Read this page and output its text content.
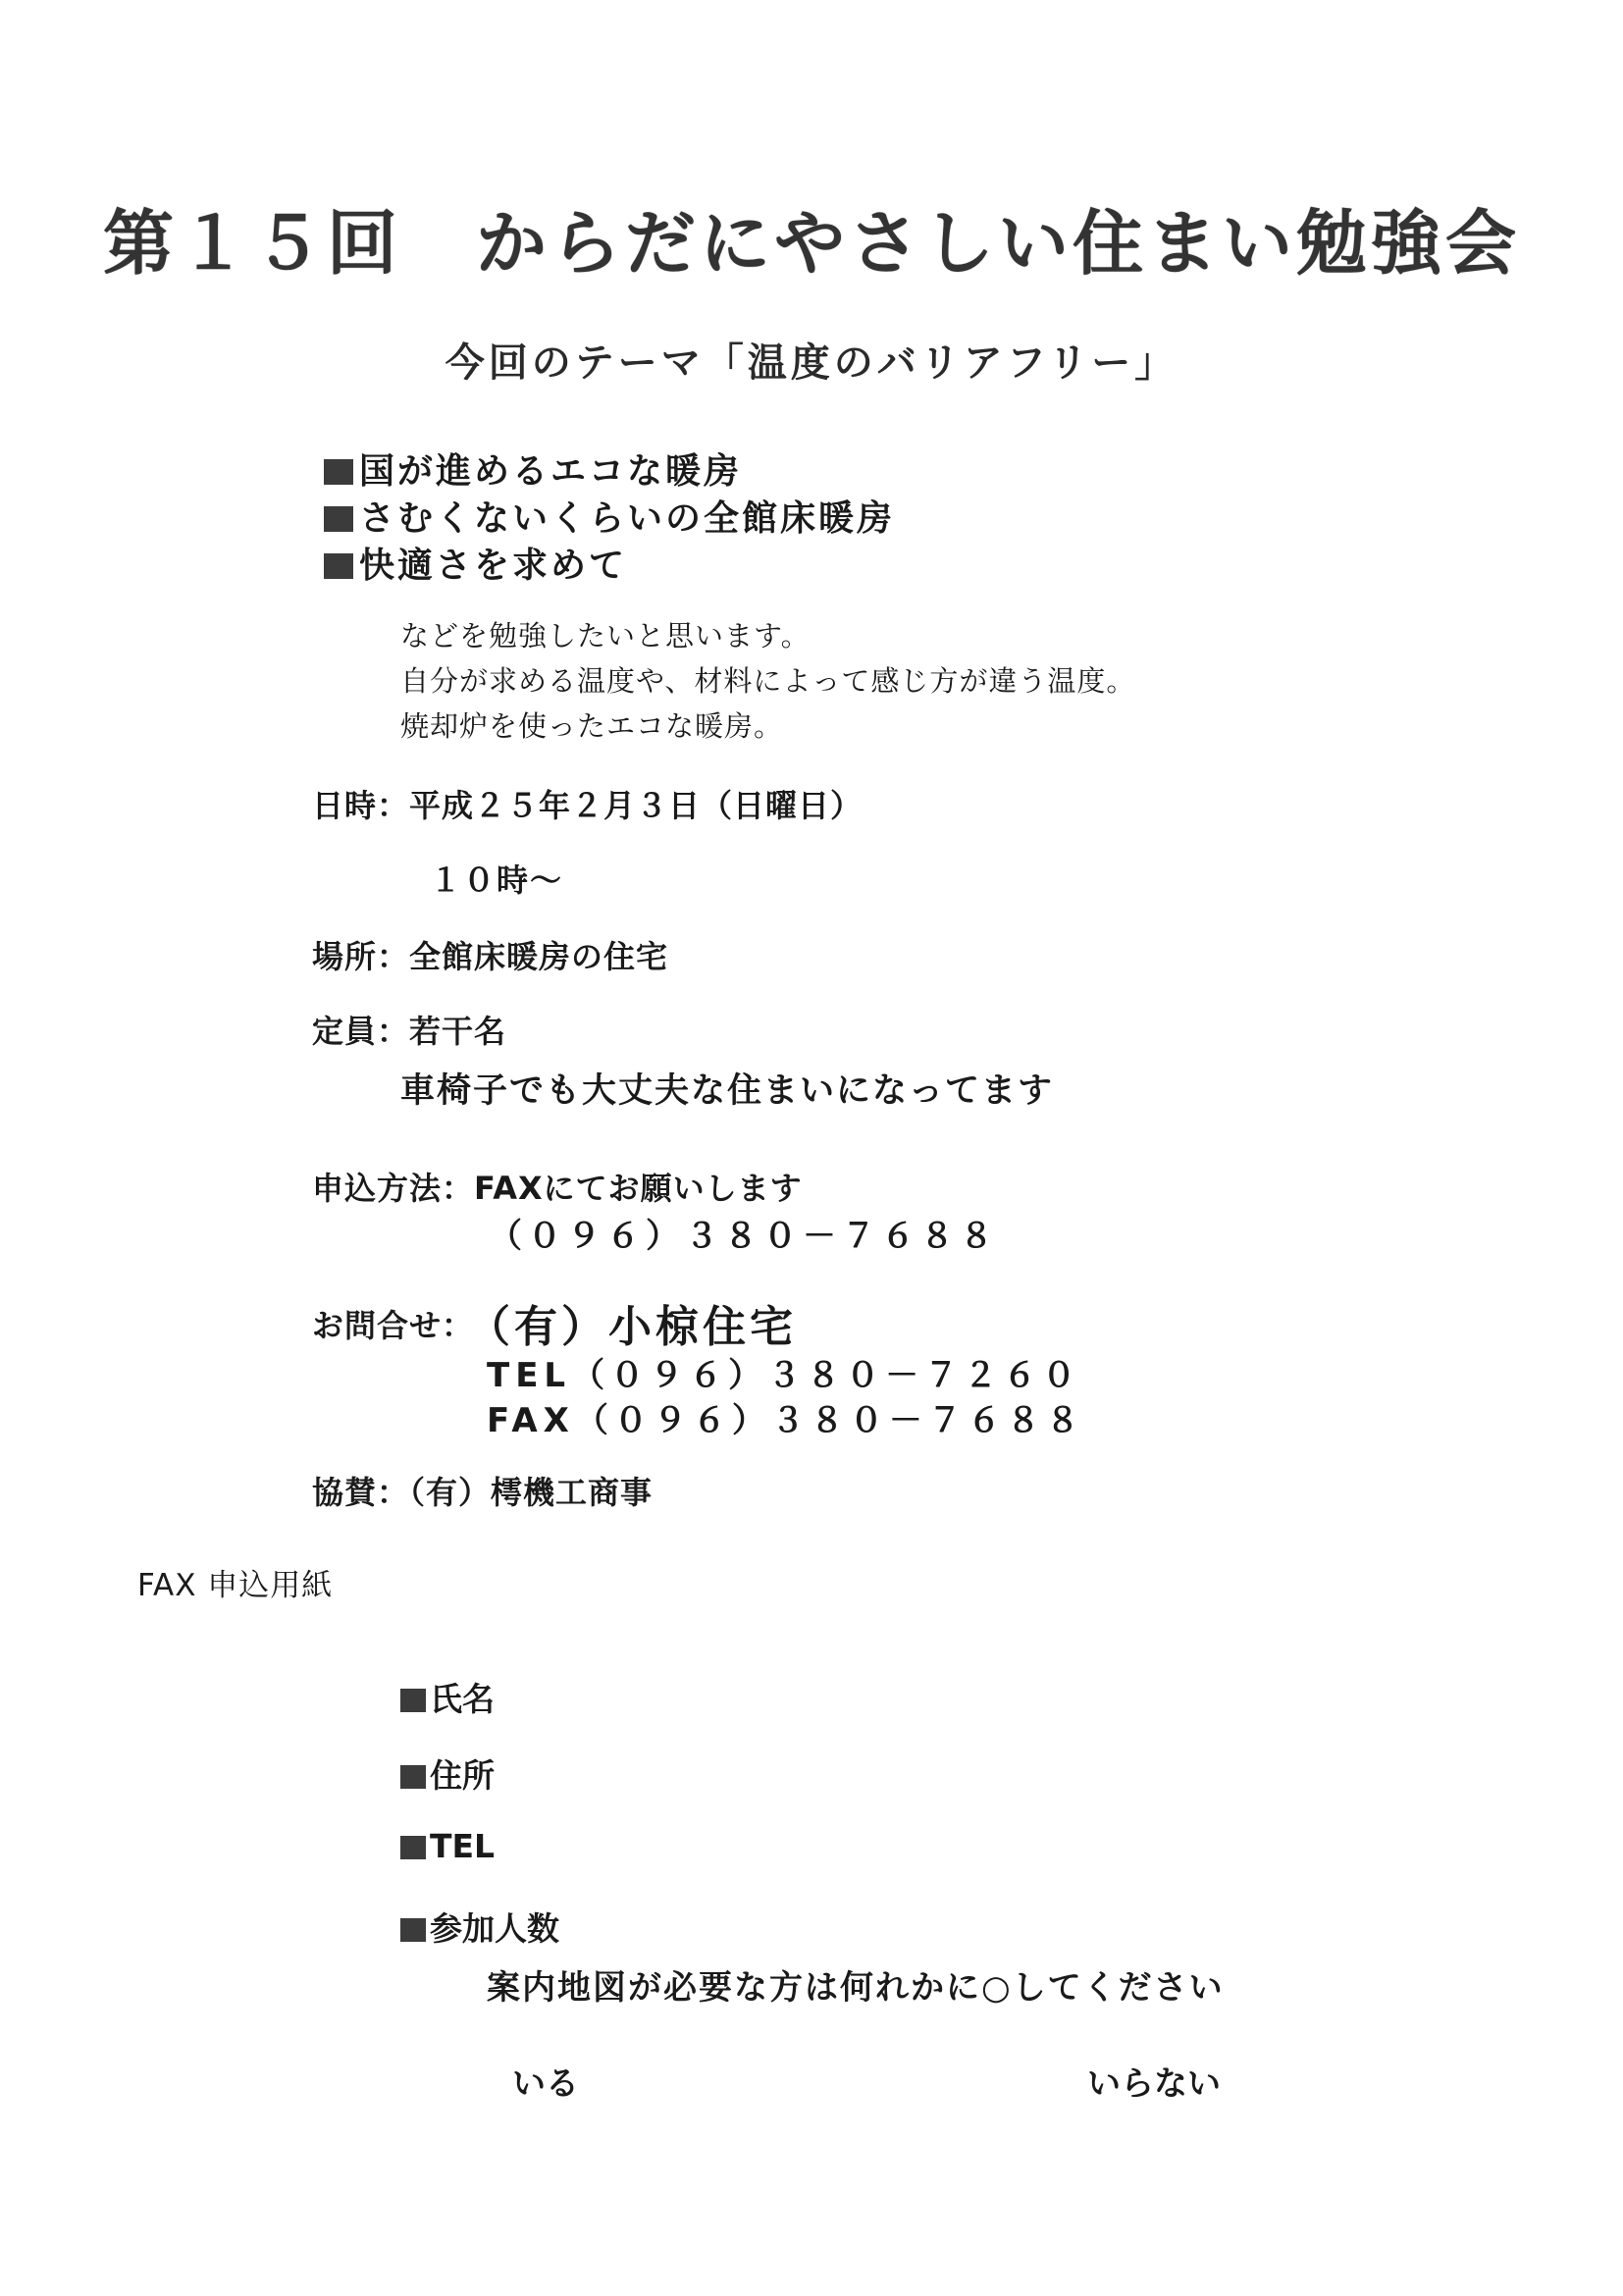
第１５回　からだにやさしい住まい勉強会
今回のテーマ「温度のバリアフリー」
国が進めるエコな暖房
さむくないくらいの全館床暖房
快適さを求めて
などを勉強したいと思います。
自分が求める温度や、材料によって感じ方が違う温度。
焼却炉を使ったエコな暖房。
日時：平成２５年２月３日（日曜日）
１０時～
場所：全館床暖房の住宅
定員：若干名
車椅子でも大丈夫な住まいになってます
申込方法：FAXにてお願いします
（０９６）３８０－７６８８
お問合せ：
（有）小椋住宅
TEL（０９６）３８０－７２６０
FAX（０９６）３８０－７６８８
協賛：（有）樗機工商事
FAX 申込用紙
氏名
住所
TEL
参加人数
案内地図が必要な方は何れかに○してください
いる	いらない
